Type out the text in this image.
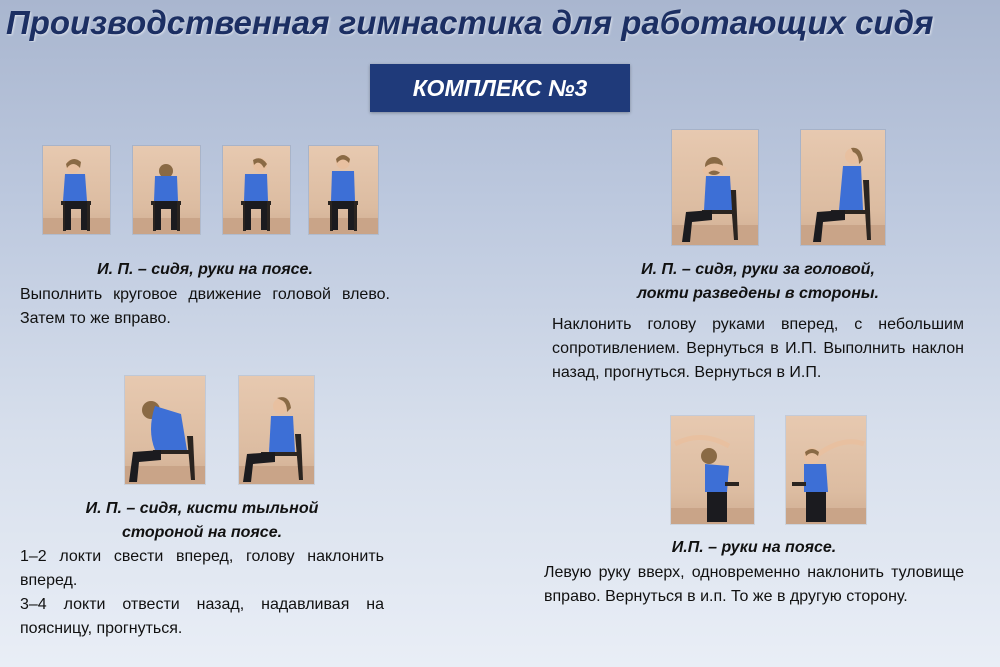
Производственная гимнастика для работающих сидя
КОМПЛЕКС №3
И. П. – сидя, руки на поясе.

Выполнить круговое движение головой влево. Затем то же вправо.

И. П. – сидя, руки за головой,
локти разведены в стороны.

Наклонить голову руками вперед, с небольшим сопротивлением. Вернуться в И.П. Выполнить наклон назад, прогнуться. Вернуться в И.П.

И. П. – сидя, кисти тыльной
стороной на поясе.

1–2 локти свести вперед, голову наклонить вперед.

3–4 локти отвести назад, надавливая на поясницу, прогнуться.

И.П. – руки на поясе.

Левую руку вверх, одновременно наклонить туловище вправо. Вернуться в и.п. То же в другую сторону.
